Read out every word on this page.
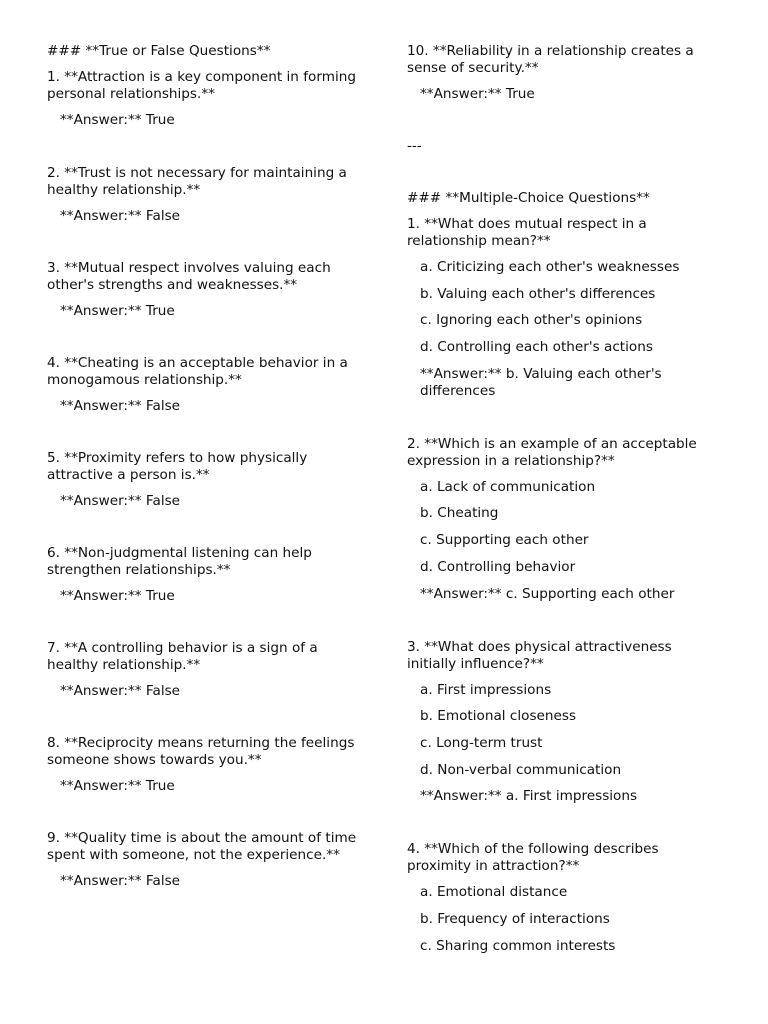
### **True or False Questions**
1. **Attraction is a key component in forming personal relationships.**
**Answer:** True
2. **Trust is not necessary for maintaining a healthy relationship.**
**Answer:** False
3. **Mutual respect involves valuing each other's strengths and weaknesses.**
**Answer:** True
4. **Cheating is an acceptable behavior in a monogamous relationship.**
**Answer:** False
5. **Proximity refers to how physically attractive a person is.**
**Answer:** False
6. **Non-judgmental listening can help strengthen relationships.**
**Answer:** True
7. **A controlling behavior is a sign of a healthy relationship.**
**Answer:** False
8. **Reciprocity means returning the feelings someone shows towards you.**
**Answer:** True
9. **Quality time is about the amount of time spent with someone, not the experience.**
**Answer:** False
10. **Reliability in a relationship creates a sense of security.**
**Answer:** True
---
### **Multiple-Choice Questions**
1. **What does mutual respect in a relationship mean?**
a. Criticizing each other's weaknesses
b. Valuing each other's differences
c. Ignoring each other's opinions
d. Controlling each other's actions
**Answer:** b. Valuing each other's differences
2. **Which is an example of an acceptable expression in a relationship?**
a. Lack of communication
b. Cheating
c. Supporting each other
d. Controlling behavior
**Answer:** c. Supporting each other
3. **What does physical attractiveness initially influence?**
a. First impressions
b. Emotional closeness
c. Long-term trust
d. Non-verbal communication
**Answer:** a. First impressions
4. **Which of the following describes proximity in attraction?**
a. Emotional distance
b. Frequency of interactions
c. Sharing common interests
